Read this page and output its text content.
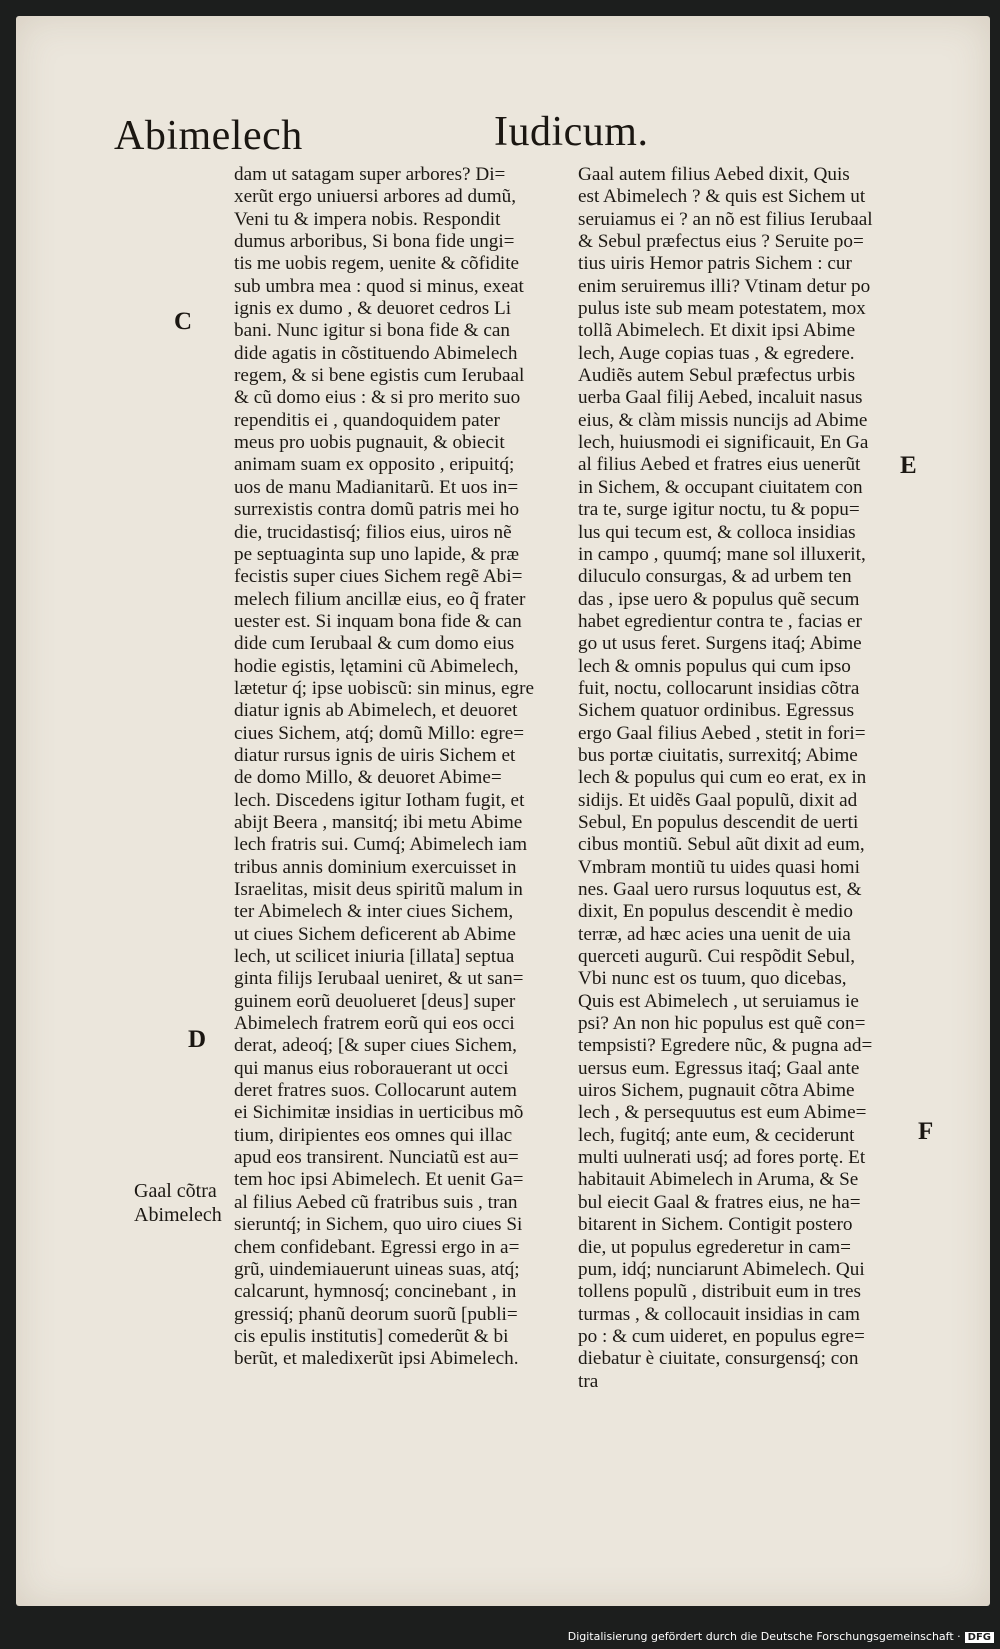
Abimelech	Iudicum.
dam ut satagam super arbores? Di=
xerũt ergo uniuersi arbores ad dumũ,
Veni tu & impera nobis. Respondit
dumus arboribus, Si bona fide ungi=
tis me uobis regem, uenite & cõfidite
sub umbra mea : quod si minus, exeat
ignis ex dumo , & deuoret cedros Li
bani. Nunc igitur si bona fide & can
dide agatis in cõstituendo Abimelech
regem, & si bene egistis cum Ierubaal
& cũ domo eius : & si pro merito suo
rependitis ei , quandoquidem pater
meus pro uobis pugnauit, & obiecit
animam suam ex opposito , eripuitq́;
uos de manu Madianitarũ. Et uos in=
surrexistis contra domũ patris mei ho
die, trucidastisq́; filios eius, uiros nẽ
pe septuaginta sup uno lapide, & præ
fecistis super ciues Sichem regẽ Abi=
melech filium ancillæ eius, eo q̃ frater
uester est. Si inquam bona fide & can
dide cum Ierubaal & cum domo eius
hodie egistis, lętamini cũ Abimelech,
lætetur q́; ipse uobiscũ: sin minus, egre
diatur ignis ab Abimelech, et deuoret
ciues Sichem, atq́; domũ Millo: egre=
diatur rursus ignis de uiris Sichem et
de domo Millo, & deuoret Abime=
lech. Discedens igitur Iotham fugit, et
abijt Beera , mansitq́; ibi metu Abime
lech fratris sui. Cumq́; Abimelech iam
tribus annis dominium exercuisset in
Israelitas, misit deus spiritũ malum in
ter Abimelech & inter ciues Sichem,
ut ciues Sichem deficerent ab Abime
lech, ut scilicet iniuria [illata] septua
ginta filijs Ierubaal ueniret, & ut san=
guinem eorũ deuolueret [deus] super
Abimelech fratrem eorũ qui eos occi
derat, adeoq́; [& super ciues Sichem,
qui manus eius roborauerant ut occi
deret fratres suos. Collocarunt autem
ei Sichimitæ insidias in uerticibus mõ
tium, diripientes eos omnes qui illac
apud eos transirent. Nunciatũ est au=
tem hoc ipsi Abimelech. Et uenit Ga=
al filius Aebed cũ fratribus suis , tran
sieruntq́; in Sichem, quo uiro ciues Si
chem confidebant. Egressi ergo in a=
grũ, uindemiauerunt uineas suas, atq́;
calcarunt, hymnosq́; concinebant , in
gressiq́; phanũ deorum suorũ [publi=
cis epulis institutis] comederũt & bi
berũt, et maledixerũt ipsi Abimelech.
Gaal autem filius Aebed dixit, Quis
est Abimelech ? & quis est Sichem ut
seruiamus ei ? an nõ est filius Ierubaal
& Sebul præfectus eius ? Seruite po=
tius uiris Hemor patris Sichem : cur
enim seruiremus illi? Vtinam detur po
pulus iste sub meam potestatem, mox
tollã Abimelech. Et dixit ipsi Abime
lech, Auge copias tuas , & egredere.
Audiẽs autem Sebul præfectus urbis
uerba Gaal filij Aebed, incaluit nasus
eius, & clàm missis nuncijs ad Abime
lech, huiusmodi ei significauit, En Ga
al filius Aebed et fratres eius uenerũt
in Sichem, & occupant ciuitatem con
tra te, surge igitur noctu, tu & popu=
lus qui tecum est, & colloca insidias
in campo , quumq́; mane sol illuxerit,
diluculo consurgas, & ad urbem ten
das , ipse uero & populus quẽ secum
habet egredientur contra te , facias er
go ut usus feret. Surgens itaq́; Abime
lech & omnis populus qui cum ipso
fuit, noctu, collocarunt insidias cõtra
Sichem quatuor ordinibus. Egressus
ergo Gaal filius Aebed , stetit in fori=
bus portæ ciuitatis, surrexitq́; Abime
lech & populus qui cum eo erat, ex in
sidijs. Et uidẽs Gaal populũ, dixit ad
Sebul, En populus descendit de uerti
cibus montiũ. Sebul aũt dixit ad eum,
Vmbram montiũ tu uides quasi homi
nes. Gaal uero rursus loquutus est, &
dixit, En populus descendit è medio
terræ, ad hæc acies una uenit de uia
querceti augurũ. Cui respõdit Sebul,
Vbi nunc est os tuum, quo dicebas,
Quis est Abimelech , ut seruiamus ie
psi? An non hic populus est quẽ con=
tempsisti? Egredere nũc, & pugna ad=
uersus eum. Egressus itaq́; Gaal ante
uiros Sichem, pugnauit cõtra Abime
lech , & persequutus est eum Abime=
lech, fugitq́; ante eum, & ceciderunt
multi uulnerati usq́; ad fores portę. Et
habitauit Abimelech in Aruma, & Se
bul eiecit Gaal & fratres eius, ne ha=
bitarent in Sichem. Contigit postero
die, ut populus egrederetur in cam=
pum, idq́; nunciarunt Abimelech. Qui
tollens populũ , distribuit eum in tres
turmas , & collocauit insidias in cam
po : & cum uideret, en populus egre=
diebatur è ciuitate, consurgensq́; con
tra
C
D
E
F
Gaal cõtra
Abimelech
Digitalisierung gefördert durch die Deutsche Forschungsgemeinschaft · DFG
